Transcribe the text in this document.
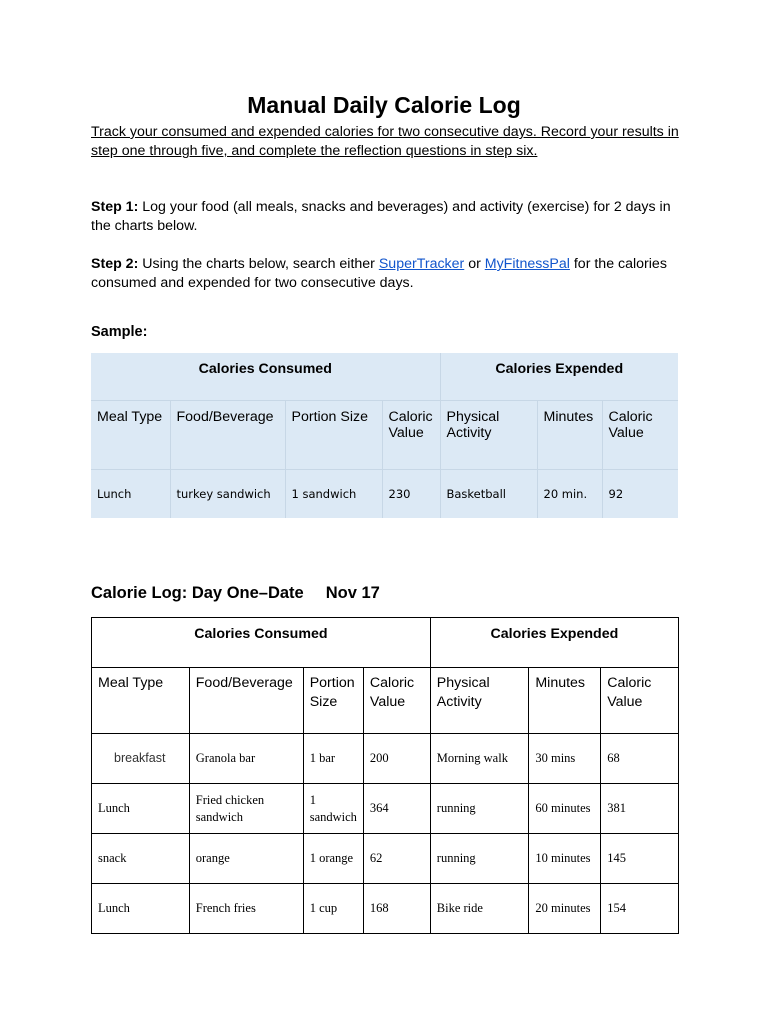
Manual Daily Calorie Log
Track your consumed and expended calories for two consecutive days. Record your results in step one through five, and complete the reflection questions in step six.
Step 1: Log your food (all meals, snacks and beverages) and activity (exercise) for 2 days in the charts below.
Step 2: Using the charts below, search either SuperTracker or MyFitnessPal for the calories consumed and expended for two consecutive days.
Sample:
Calories Consumed				Calories Expended		
Meal Type	Food/Beverage	Portion Size	Caloric Value	Physical Activity	Minutes	Caloric Value
Lunch	turkey sandwich	1 sandwich	230	Basketball	20 min.	92
Calorie Log: Day One–Date Nov 17
Calories Consumed				Calories Expended		
Meal Type	Food/Beverage	Portion Size	Caloric Value	Physical Activity	Minutes	Caloric Value
breakfast	Granola bar	1 bar	200	Morning walk	30 mins	68
Lunch	Fried chicken sandwich	1 sandwich	364	running	60 minutes	381
snack	orange	1 orange	62	running	10 minutes	145
Lunch	French fries	1 cup	168	Bike ride	20 minutes	154
